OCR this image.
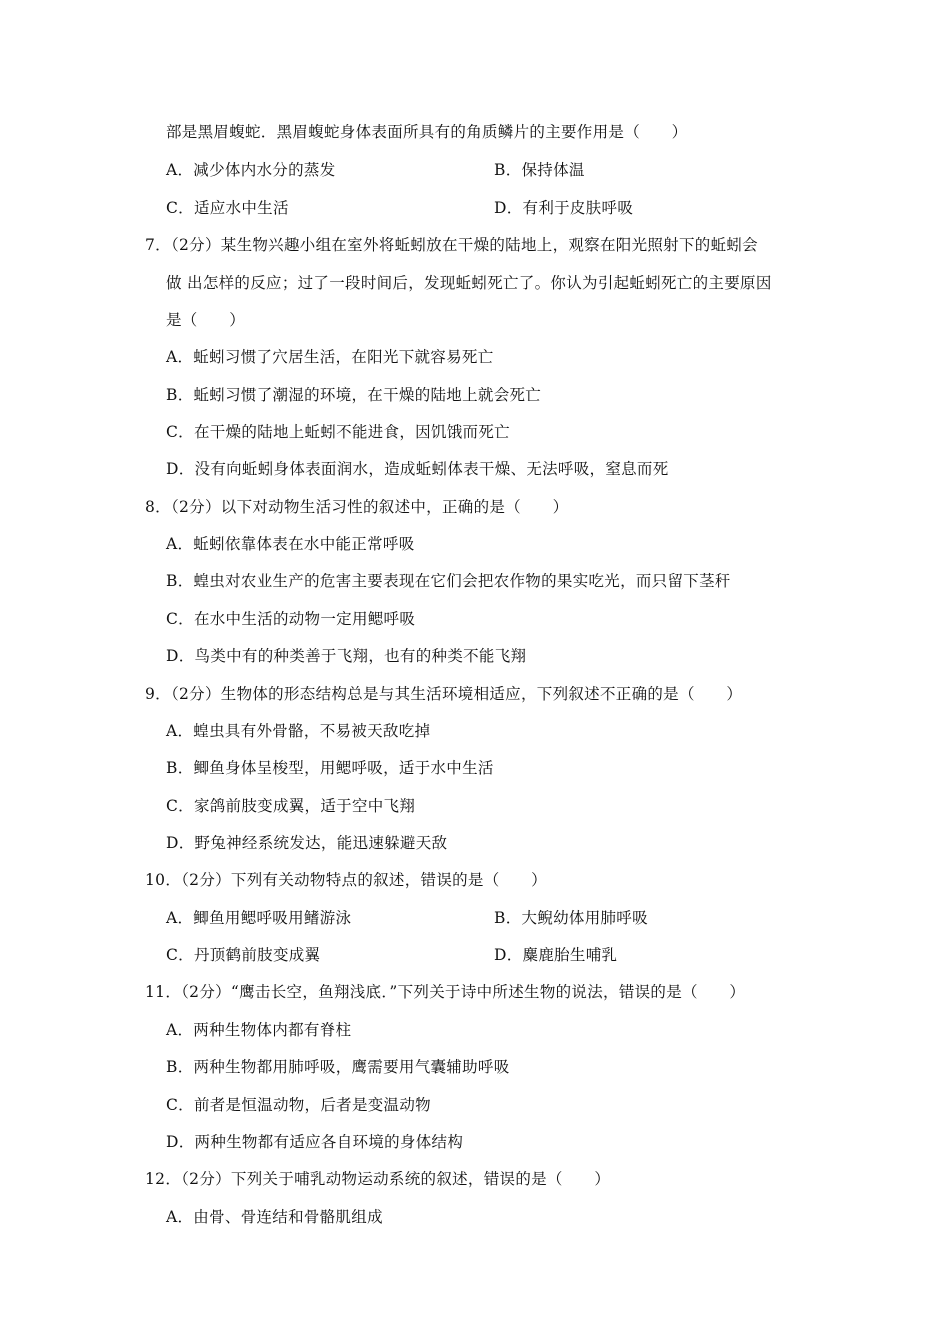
部是黑眉蝮蛇．黑眉蝮蛇身体表面所具有的角质鳞片的主要作用是（　　）
A．减少体内水分的蒸发	B．保持体温
C．适应水中生活	D．有利于皮肤呼吸
7．（2分）某生物兴趣小组在室外将蚯蚓放在干燥的陆地上，观察在阳光照射下的蚯蚓会
做 出怎样的反应；过了一段时间后，发现蚯蚓死亡了。你认为引起蚯蚓死亡的主要原因
是（　　）
A．蚯蚓习惯了穴居生活，在阳光下就容易死亡
B．蚯蚓习惯了潮湿的环境，在干燥的陆地上就会死亡
C．在干燥的陆地上蚯蚓不能进食，因饥饿而死亡
D．没有向蚯蚓身体表面润水，造成蚯蚓体表干燥、无法呼吸，窒息而死
8．（2分）以下对动物生活习性的叙述中，正确的是（　　）
A．蚯蚓依靠体表在水中能正常呼吸
B．蝗虫对农业生产的危害主要表现在它们会把农作物的果实吃光，而只留下茎秆
C．在水中生活的动物一定用鳃呼吸
D．鸟类中有的种类善于飞翔，也有的种类不能飞翔
9．（2分）生物体的形态结构总是与其生活环境相适应，下列叙述不正确的是（　　）
A．蝗虫具有外骨骼，不易被天敌吃掉
B．鲫鱼身体呈梭型，用鳃呼吸，适于水中生活
C．家鸽前肢变成翼，适于空中飞翔
D．野兔神经系统发达，能迅速躲避天敌
10．（2分）下列有关动物特点的叙述，错误的是（　　）
A．鲫鱼用鳃呼吸用鳍游泳	B．大鲵幼体用肺呼吸
C．丹顶鹤前肢变成翼	D．麋鹿胎生哺乳
11．（2分）“鹰击长空，鱼翔浅底．”下列关于诗中所述生物的说法，错误的是（　　）
A．两种生物体内都有脊柱
B．两种生物都用肺呼吸，鹰需要用气囊辅助呼吸
C．前者是恒温动物，后者是变温动物
D．两种生物都有适应各自环境的身体结构
12．（2分）下列关于哺乳动物运动系统的叙述，错误的是（　　）
A．由骨、骨连结和骨骼肌组成
